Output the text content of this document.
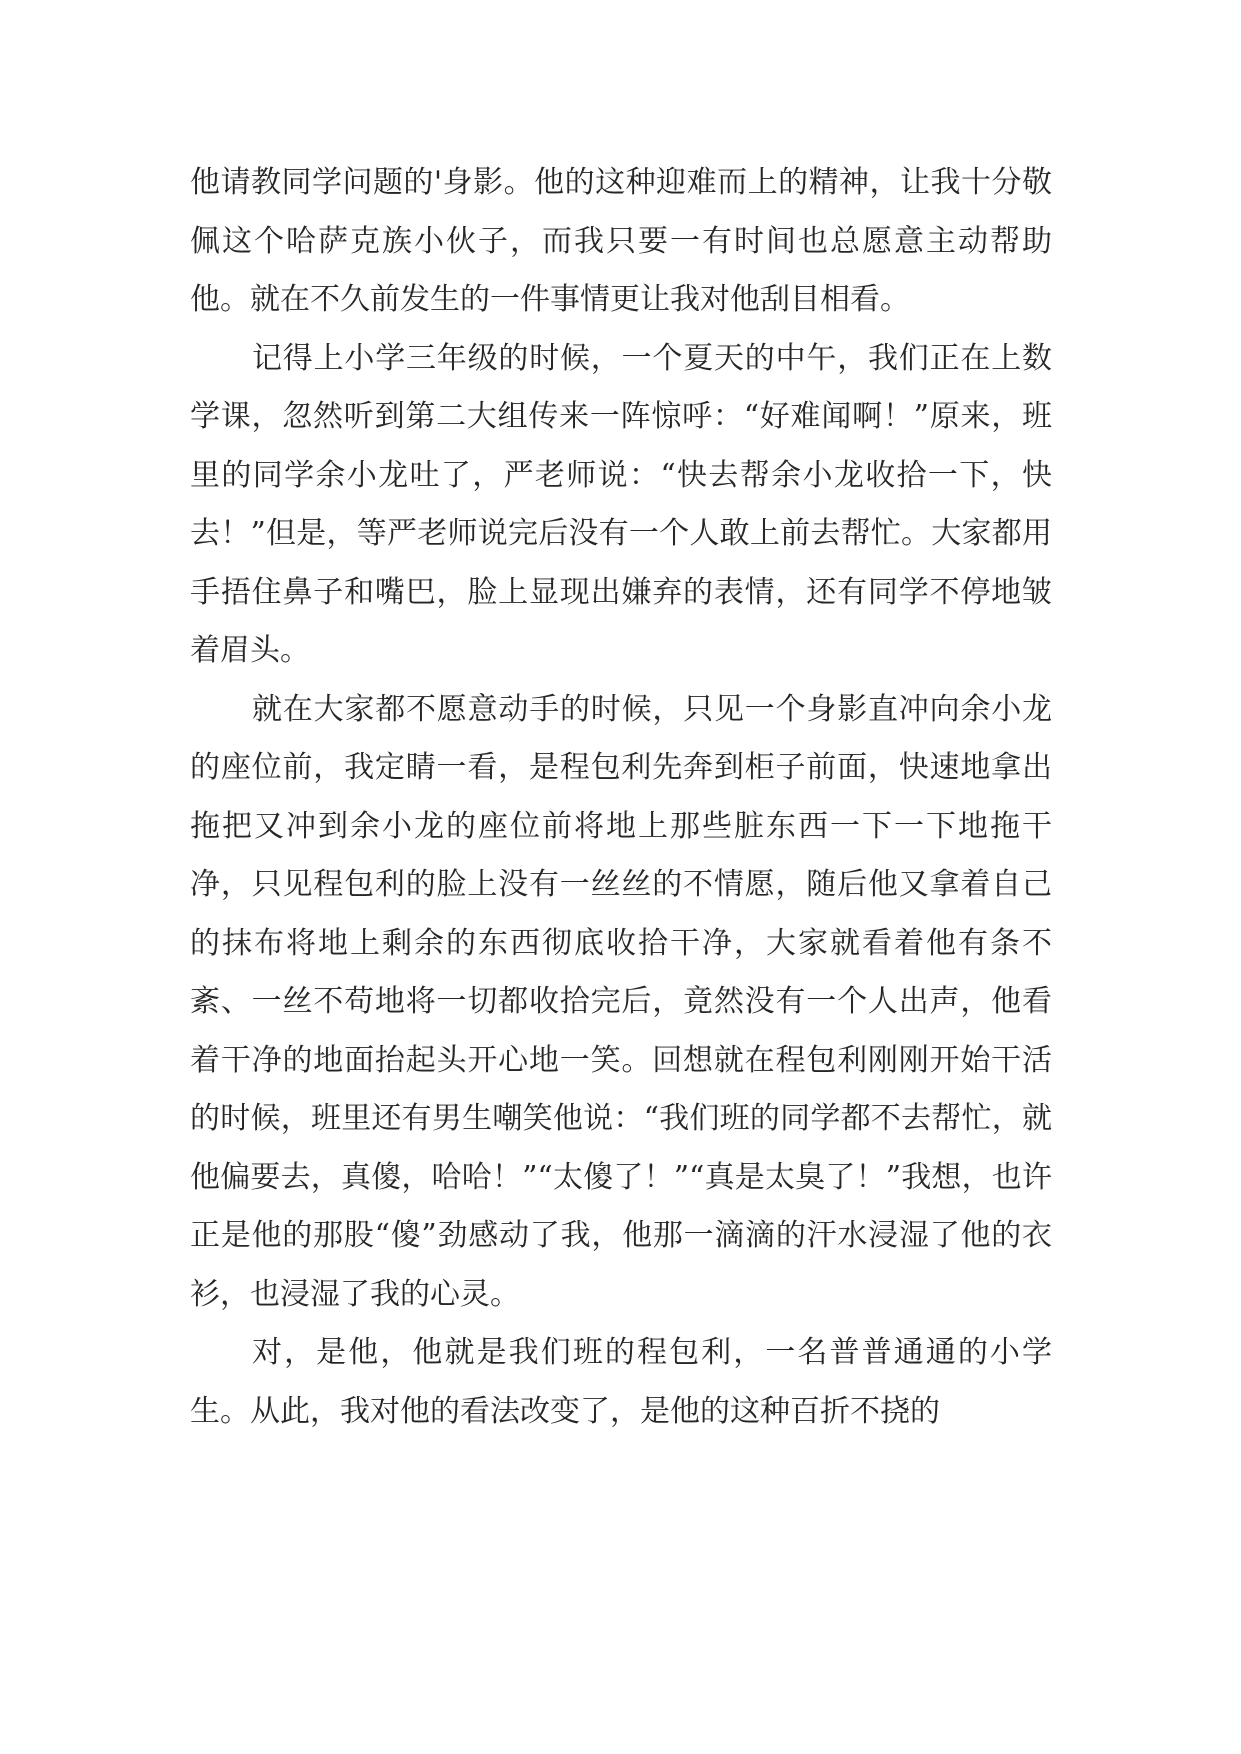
他请教同学问题的'身影。他的这种迎难而上的精神，让我十分敬佩这个哈萨克族小伙子，而我只要一有时间也总愿意主动帮助他。就在不久前发生的一件事情更让我对他刮目相看。

记得上小学三年级的时候，一个夏天的中午，我们正在上数学课，忽然听到第二大组传来一阵惊呼：“好难闻啊！”原来，班里的同学余小龙吐了，严老师说：“快去帮余小龙收拾一下，快去！”但是，等严老师说完后没有一个人敢上前去帮忙。大家都用手捂住鼻子和嘴巴，脸上显现出嫌弃的表情，还有同学不停地皱着眉头。

就在大家都不愿意动手的时候，只见一个身影直冲向余小龙的座位前，我定睛一看，是程包利先奔到柜子前面，快速地拿出拖把又冲到余小龙的座位前将地上那些脏东西一下一下地拖干净，只见程包利的脸上没有一丝丝的不情愿，随后他又拿着自己的抹布将地上剩余的东西彻底收拾干净，大家就看着他有条不紊、一丝不苟地将一切都收拾完后，竟然没有一个人出声，他看着干净的地面抬起头开心地一笑。回想就在程包利刚刚开始干活的时候，班里还有男生嘲笑他说：“我们班的同学都不去帮忙，就他偏要去，真傻，哈哈！”“太傻了！”“真是太臭了！”我想，也许正是他的那股“傻”劲感动了我，他那一滴滴的汗水浸湿了他的衣衫，也浸湿了我的心灵。

对，是他，他就是我们班的程包利，一名普普通通的小学生。从此，我对他的看法改变了，是他的这种百折不挠的
